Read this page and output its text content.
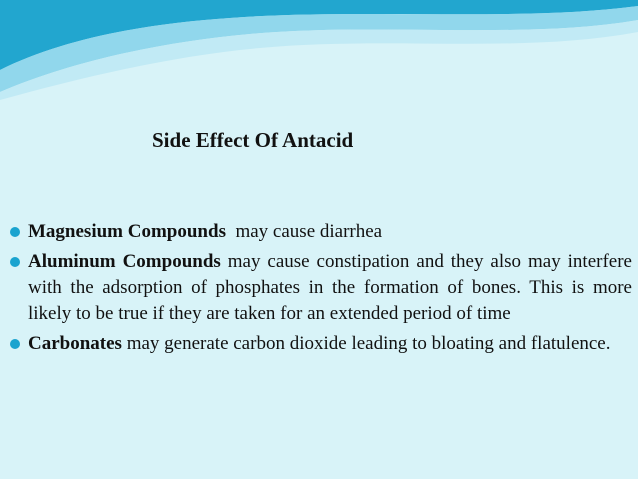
Side Effect Of Antacid
Magnesium Compounds  may cause diarrhea
Aluminum Compounds may cause constipation and they also may interfere with the adsorption of phosphates in the formation of bones. This is more likely to be true if they are taken for an extended period of time
Carbonates may generate carbon dioxide leading to bloating and flatulence.
